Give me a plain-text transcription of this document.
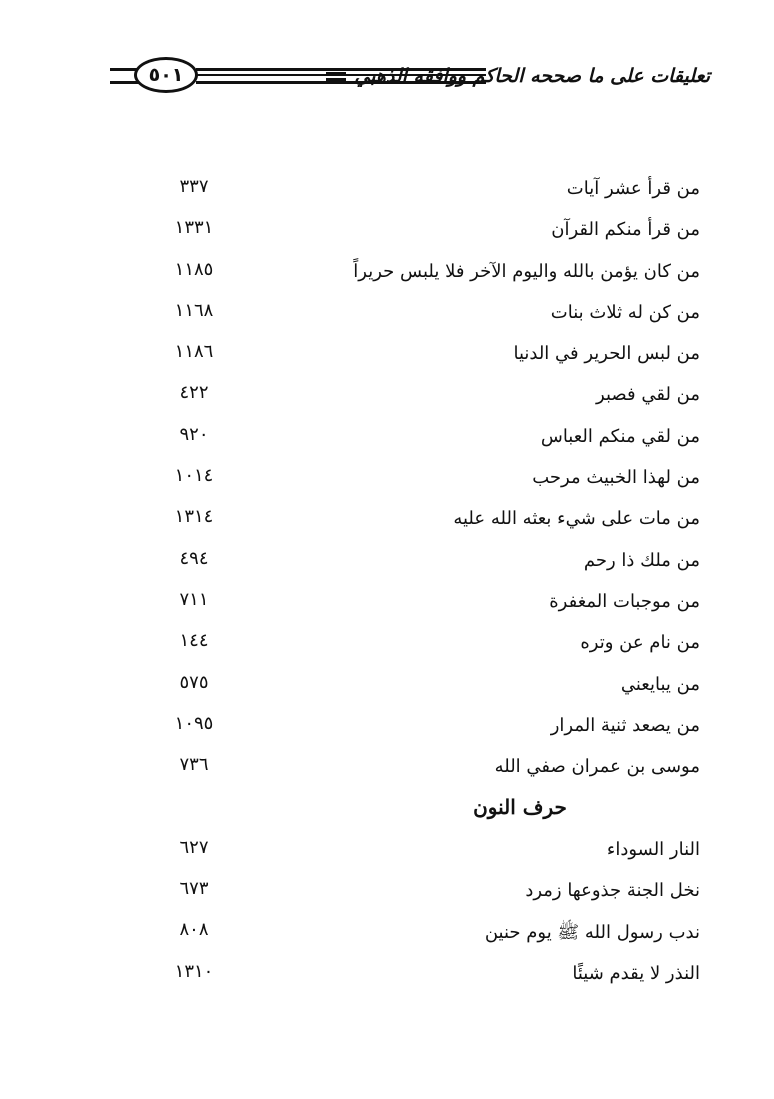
٥٠١	تعليقات على ما صححه الحاكم ووافقه الذهبي
من قرأ عشر آيات
٣٣٧
من قرأ منكم القرآن
١٣٣١
من كان يؤمن بالله واليوم الآخر فلا يلبس حريراً
١١٨٥
من كن له ثلاث بنات
١١٦٨
من لبس الحرير في الدنيا
١١٨٦
من لقي فصبر
٤٢٢
من لقي منكم العباس
٩٢٠
من لهذا الخبيث مرحب
١٠١٤
من مات على شيء بعثه الله عليه
١٣١٤
من ملك ذا رحم
٤٩٤
من موجبات المغفرة
٧١١
من نام عن وتره
١٤٤
من يبايعني
٥٧٥
من يصعد ثنية المرار
١٠٩٥
موسى بن عمران صفي الله
٧٣٦
حرف النون
النار السوداء
٦٢٧
نخل الجنة جذوعها زمرد
٦٧٣
ندب رسول الله ﷺ يوم حنين
٨٠٨
النذر لا يقدم شيئًا
١٣١٠
